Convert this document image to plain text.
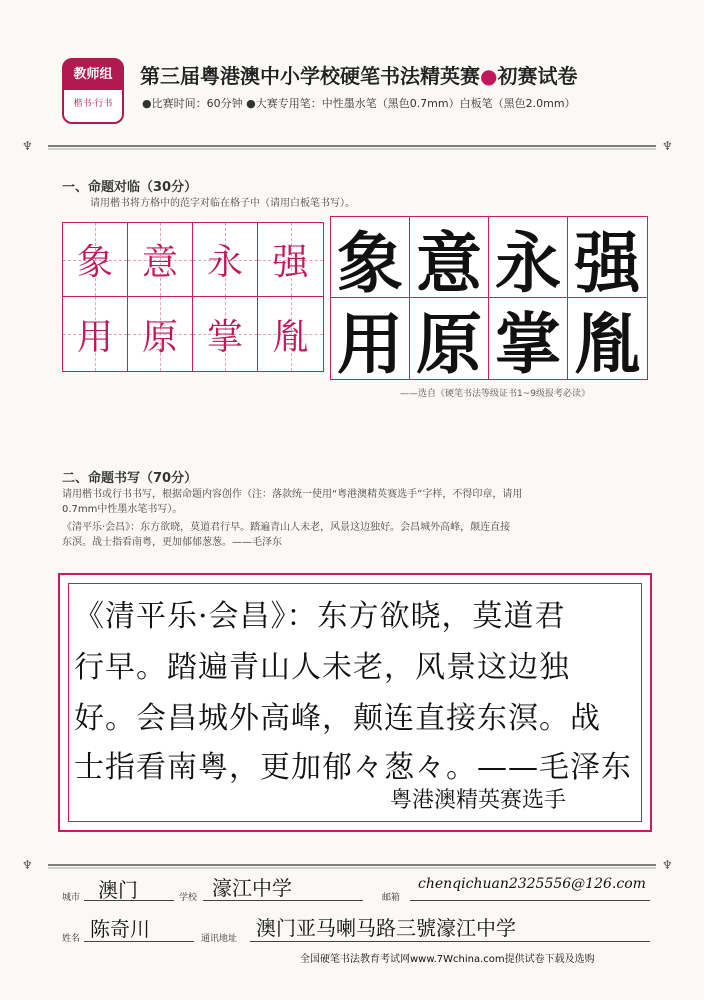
教师组
楷书·行书
第三届粤港澳中小学校硬笔书法精英赛●初赛试卷
●比赛时间：60分钟 ●大赛专用笔：中性墨水笔（黑色0.7mm）白板笔（黑色2.0mm）
♆	♆
一、命题对临（30分）
请用楷书将方格中的范字对临在格子中（请用白板笔书写）。
象 意 永 强
用 原 掌 胤
象 意 永 强
用 原 掌 胤
——选自《硬笔书法等级证书1~9级报考必读》
二、命题书写（70分）
请用楷书或行书书写，根据命题内容创作（注：落款统一使用“粤港澳精英赛选手”字样，不得印章，请用
0.7mm中性墨水笔书写）。
《清平乐·会昌》：东方欲晓，莫道君行早。踏遍青山人未老，风景这边独好。会昌城外高峰，颠连直接
东溟。战士指看南粤，更加郁郁葱葱。——毛泽东
《清平乐·会昌》：东方欲晓，莫道君
行早。踏遍青山人未老，风景这边独
好。会昌城外高峰，颠连直接东溟。战
士指看南粤，更加郁々葱々。——毛泽东
粤港澳精英赛选手
♆	♆
城市 澳门	学校 濠江中学	邮箱
chenqichuan2325556@126.com
姓名 陈奇川	通讯地址 澳门亚马喇马路三號濠江中学
全国硬笔书法教育考试网www.7Wchina.com提供试卷下载及选购
